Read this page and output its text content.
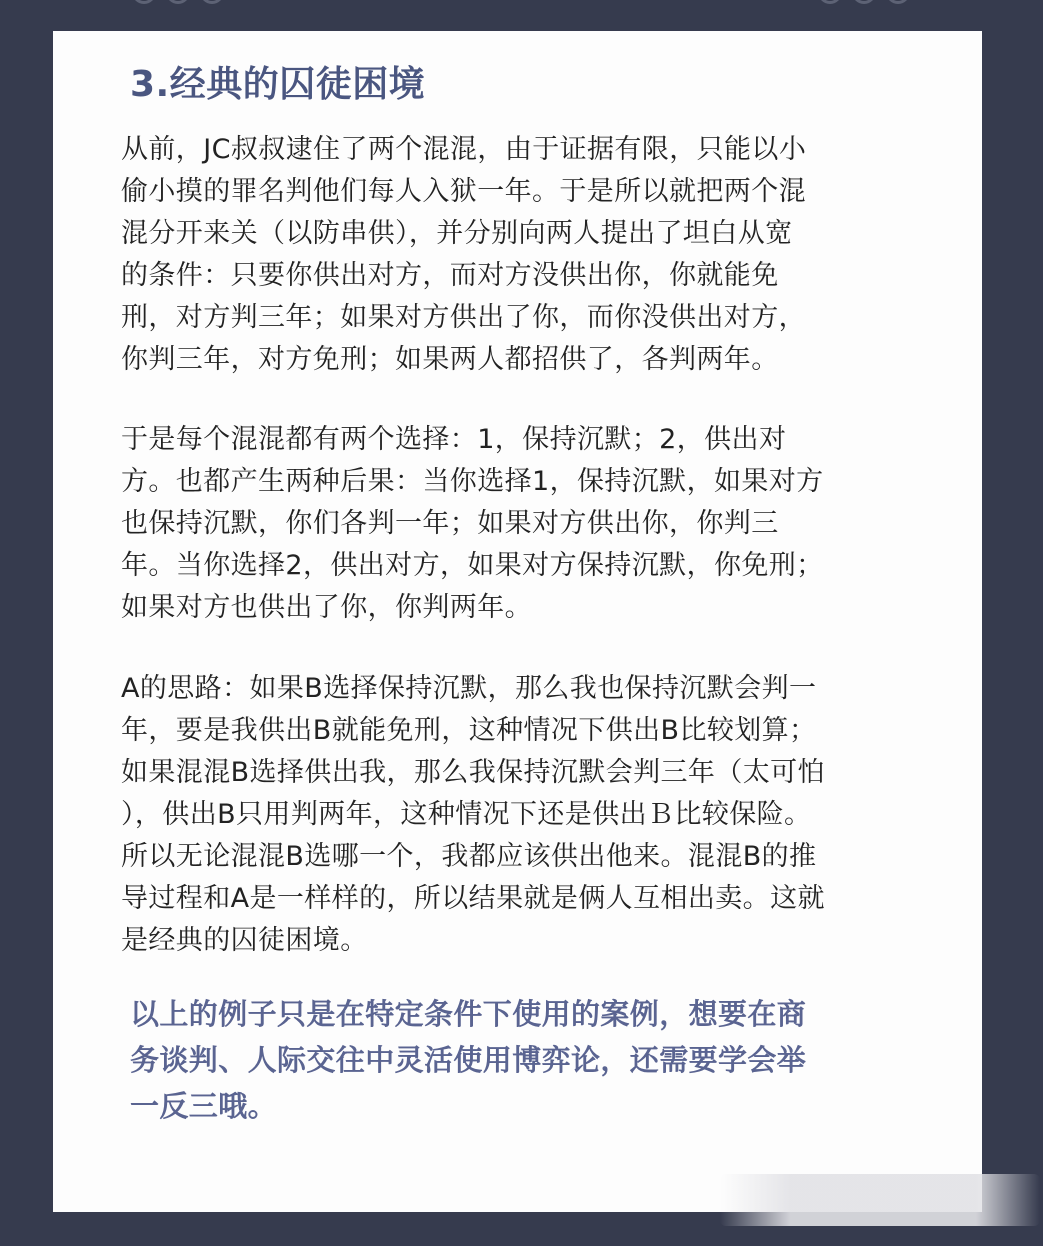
3.经典的囚徒困境
从前，JC叔叔逮住了两个混混，由于证据有限，只能以小
偷小摸的罪名判他们每人入狱一年。于是所以就把两个混
混分开来关（以防串供），并分别向两人提出了坦白从宽
的条件：只要你供出对方，而对方没供出你，你就能免
刑，对方判三年；如果对方供出了你，而你没供出对方，
你判三年，对方免刑；如果两人都招供了，各判两年。
于是每个混混都有两个选择：1，保持沉默；2，供出对
方。也都产生两种后果：当你选择1，保持沉默，如果对方
也保持沉默，你们各判一年；如果对方供出你，你判三
年。当你选择2，供出对方，如果对方保持沉默，你免刑；
如果对方也供出了你，你判两年。
A的思路：如果B选择保持沉默，那么我也保持沉默会判一
年，要是我供出B就能免刑，这种情况下供出B比较划算；
如果混混B选择供出我，那么我保持沉默会判三年（太可怕
），供出B只用判两年，这种情况下还是供出Ｂ比较保险。
所以无论混混B选哪一个，我都应该供出他来。混混B的推
导过程和A是一样样的，所以结果就是俩人互相出卖。这就
是经典的囚徒困境。
以上的例子只是在特定条件下使用的案例，想要在商
务谈判、人际交往中灵活使用博弈论，还需要学会举
一反三哦。
